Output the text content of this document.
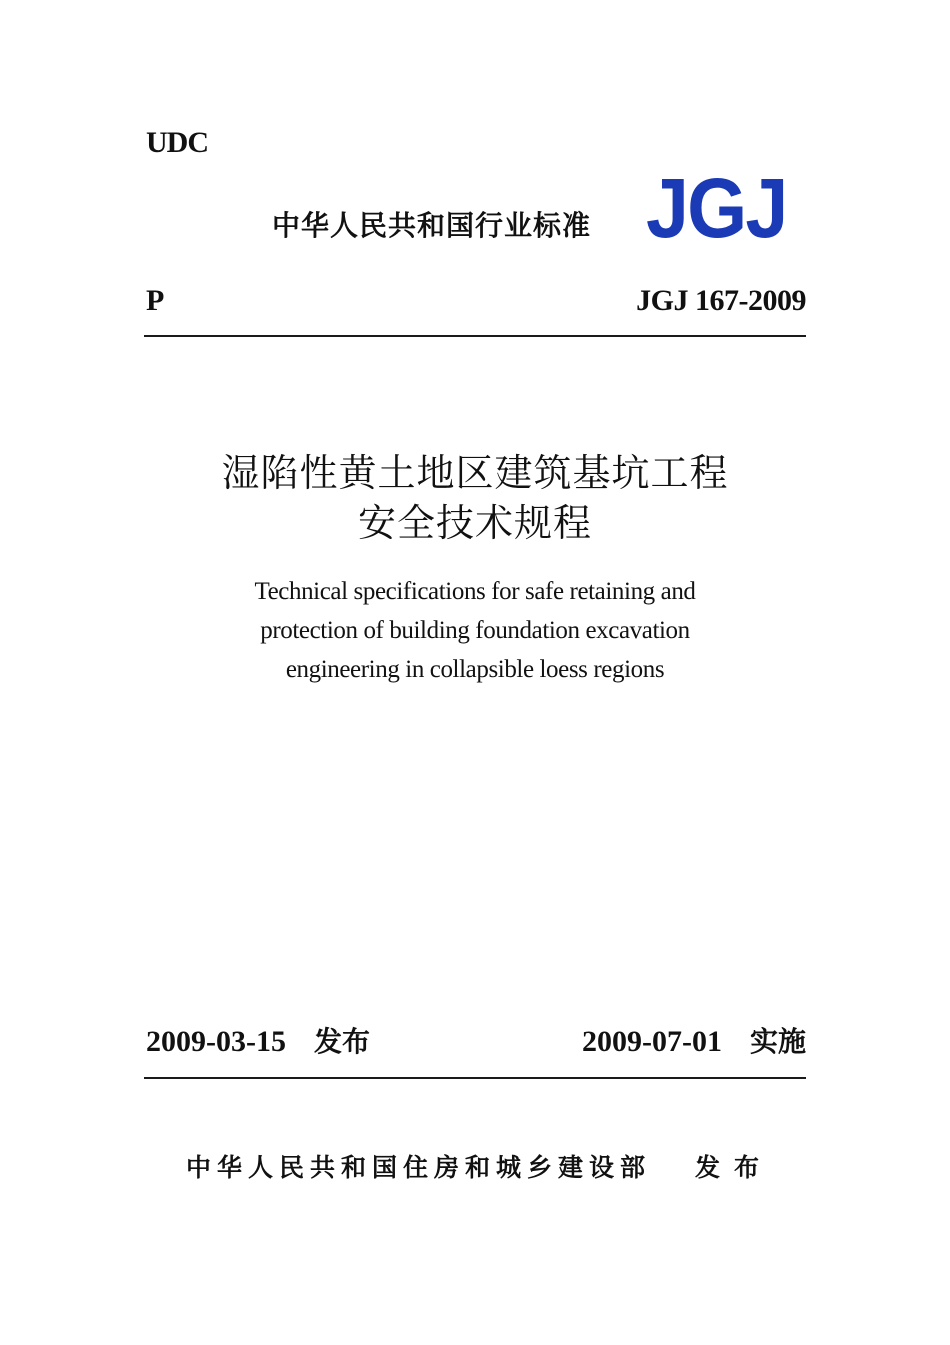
UDC
中华人民共和国行业标准 JGJ
P	JGJ 167-2009
湿陷性黄土地区建筑基坑工程
安全技术规程
Technical specifications for safe retaining and
protection of building foundation excavation
engineering in collapsible loess regions
2009-03-15 发布	2009-07-01 实施
中华人民共和国住房和城乡建设部 发布
